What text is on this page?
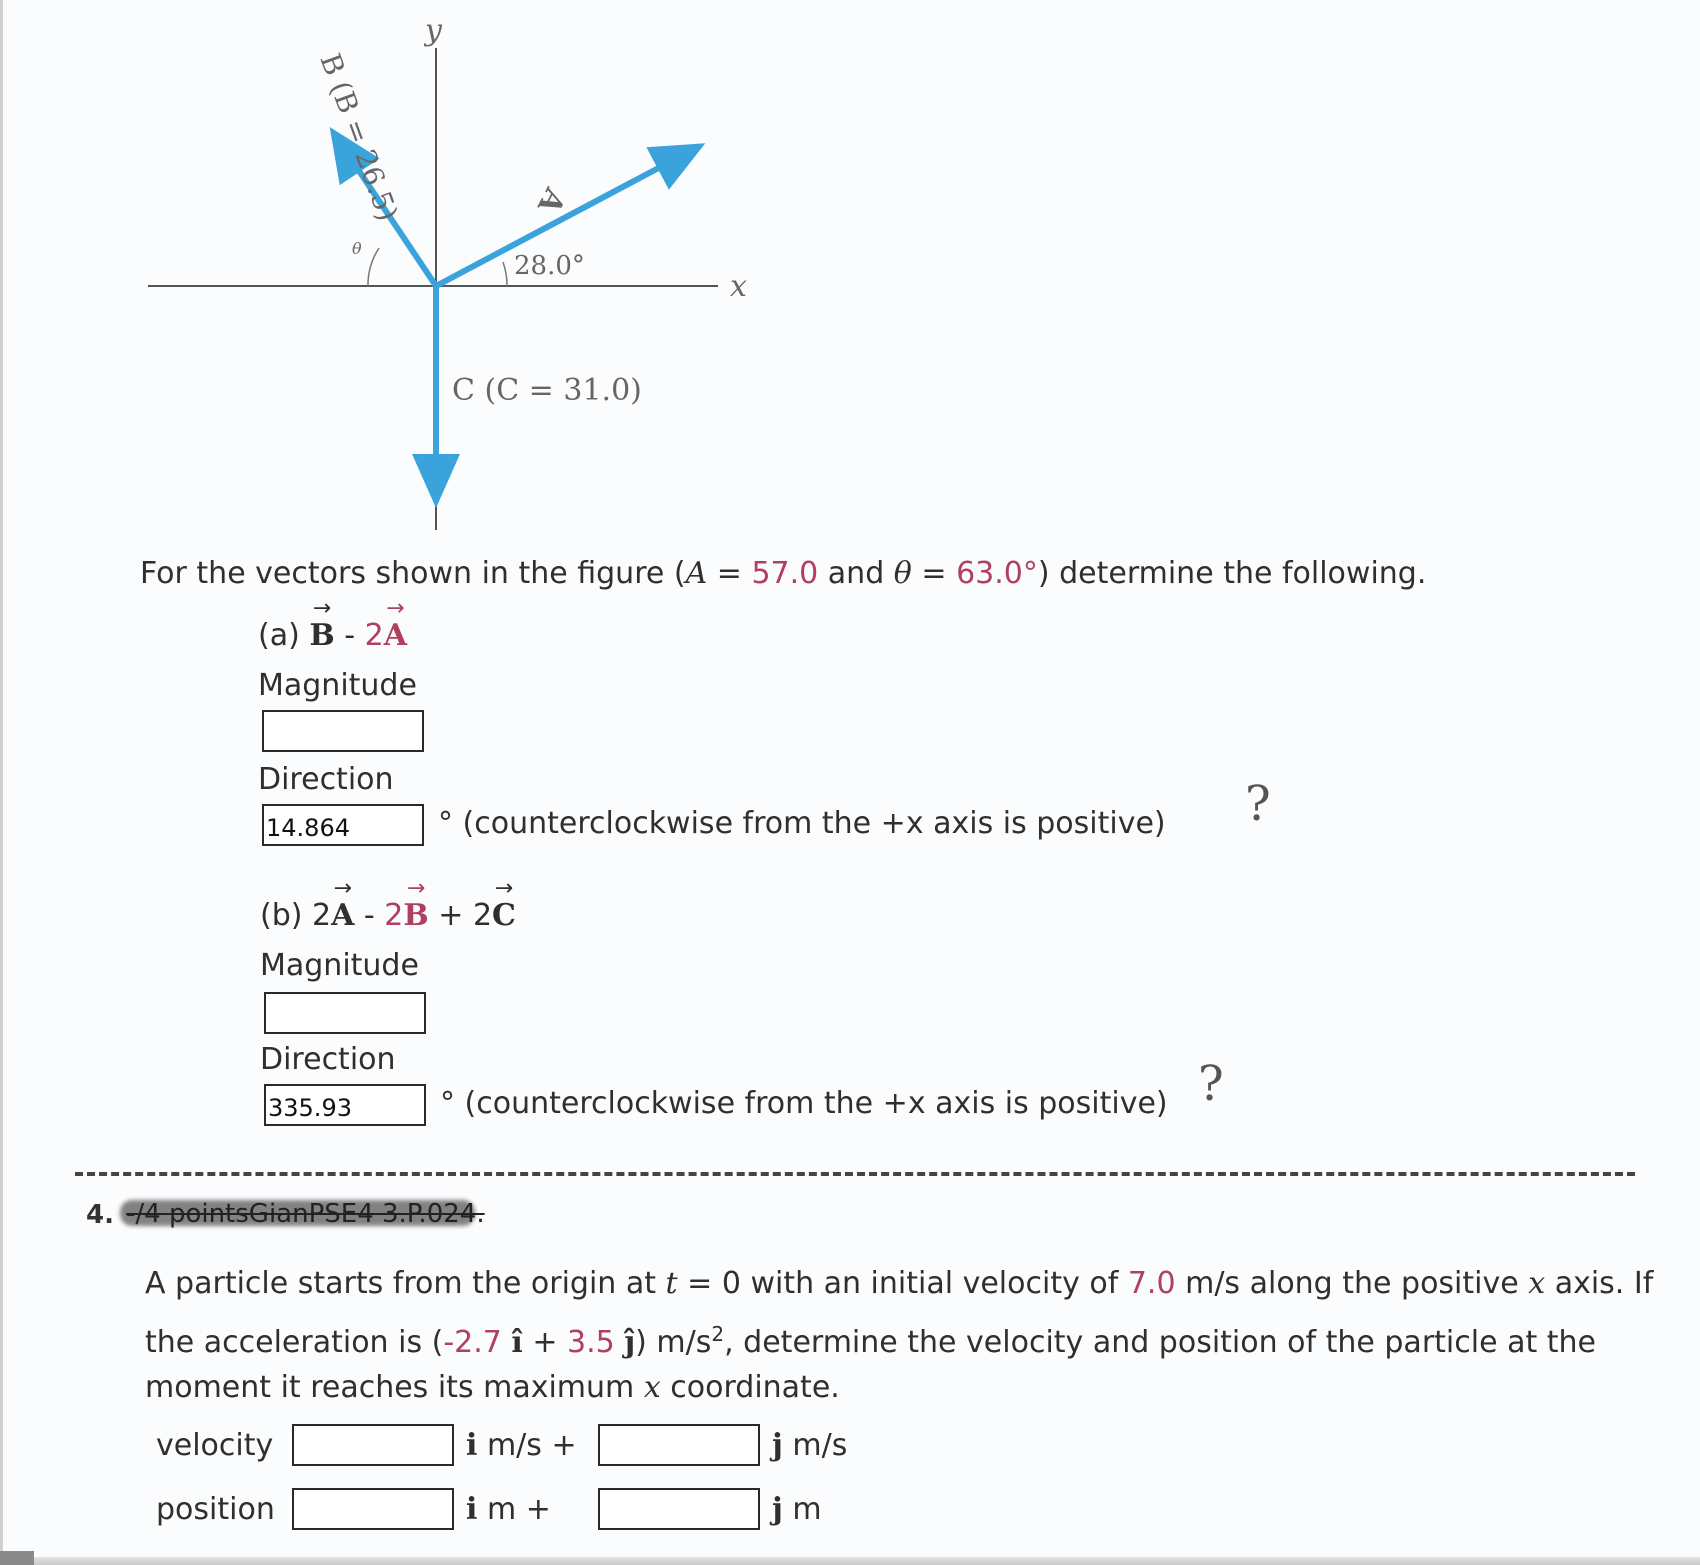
y
x
28.0°
θ
A
B (B = 26.5)
C (C = 31.0)
For the vectors shown in the figure (A = 57.0 and θ = 63.0°) determine the following.
(a) → B - 2→ A
Magnitude
Direction
14.864
° (counterclockwise from the +x axis is positive) ?
(b) 2→ A - 2→ B + 2→ C
Magnitude
Direction
335.93
° (counterclockwise from the +x axis is positive) ?
4. -/4 pointsGianPSE4 3.P.024.
A particle starts from the origin at t = 0 with an initial velocity of 7.0 m/s along the positive x axis. If
the acceleration is (-2.7 î + 3.5 ĵ) $m/s^2$, determine the velocity and position of the particle at the
moment it reaches its maximum x coordinate.
velocity	i m/s +	j m/s
position	i m +	j m
